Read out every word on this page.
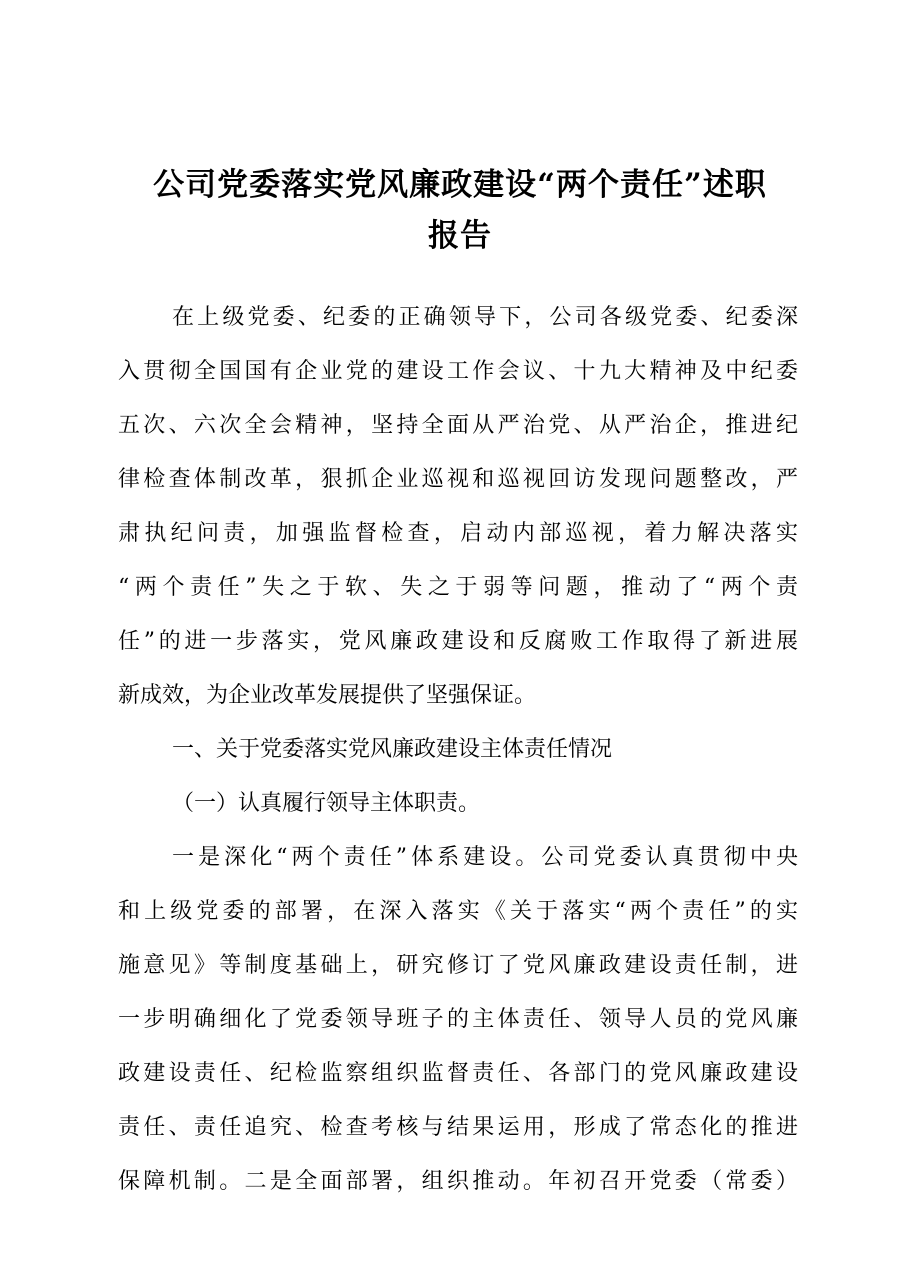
公司党委落实党风廉政建设“两个责任”述职
报告

在上级党委、纪委的正确领导下，公司各级党委、纪委深

入贯彻全国国有企业党的建设工作会议、十九大精神及中纪委

五次、六次全会精神，坚持全面从严治党、从严治企，推进纪

律检查体制改革，狠抓企业巡视和巡视回访发现问题整改，严

肃执纪问责，加强监督检查，启动内部巡视，着力解决落实

“两个责任”失之于软、失之于弱等问题，推动了“两个责

任”的进一步落实，党风廉政建设和反腐败工作取得了新进展

新成效，为企业改革发展提供了坚强保证。

一、关于党委落实党风廉政建设主体责任情况

（一）认真履行领导主体职责。

一是深化“两个责任”体系建设。公司党委认真贯彻中央

和上级党委的部署，在深入落实《关于落实“两个责任”的实

施意见》等制度基础上，研究修订了党风廉政建设责任制，进

一步明确细化了党委领导班子的主体责任、领导人员的党风廉

政建设责任、纪检监察组织监督责任、各部门的党风廉政建设

责任、责任追究、检查考核与结果运用，形成了常态化的推进

保障机制。二是全面部署，组织推动。年初召开党委（常委）
